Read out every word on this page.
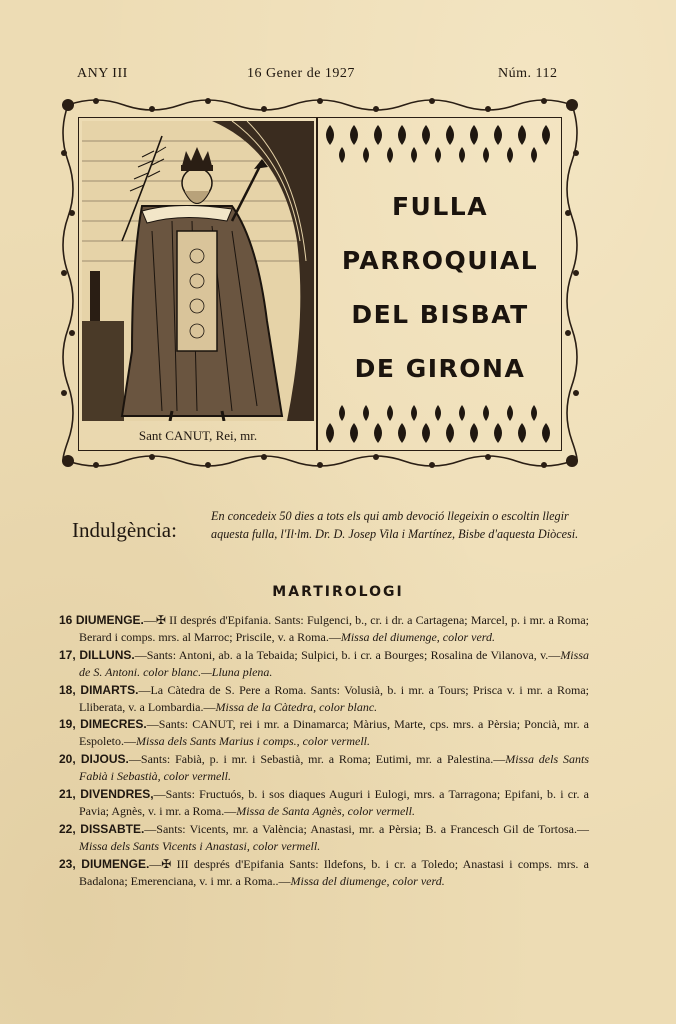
ANY III	16 Gener de 1927	Núm. 112
Sant CANUT, Rei, mr.
FULLA
PARROQUIAL
DEL BISBAT
DE GIRONA
Indulgència:
En concedeix 50 dies a tots els qui amb devoció llegeixin o escoltin llegir aquesta fulla, l'Il·lm. Dr. D. Josep Vila i Martínez, Bisbe d'aquesta Diòcesi.
MARTIROLOGI
16 DIUMENGE.—✠ II després d'Epifania. Sants: Fulgenci, b., cr. i dr. a Cartagena; Marcel, p. i mr. a Roma; Berard i comps. mrs. al Marroc; Priscile, v. a Roma.—Missa del diumenge, color verd.
17, DILLUNS.—Sants: Antoni, ab. a la Tebaida; Sulpici, b. i cr. a Bourges; Rosalina de Vilanova, v.—Missa de S. Antoni. color blanc.—Lluna plena.
18, DIMARTS.—La Càtedra de S. Pere a Roma. Sants: Volusià, b. i mr. a Tours; Prisca v. i mr. a Roma; Lliberata, v. a Lombardia.—Missa de la Càtedra, color blanc.
19, DIMECRES.—Sants: CANUT, rei i mr. a Dinamarca; Màrius, Marte, cps. mrs. a Pèrsia; Poncià, mr. a Espoleto.—Missa dels Sants Marius i comps., color vermell.
20, DIJOUS.—Sants: Fabià, p. i mr. i Sebastià, mr. a Roma; Eutimi, mr. a Palestina.—Missa dels Sants Fabià i Sebastià, color vermell.
21, DIVENDRES,—Sants: Fructuós, b. i sos diaques Auguri i Eulogi, mrs. a Tarragona; Epifani, b. i cr. a Pavia; Agnès, v. i mr. a Roma.—Missa de Santa Agnès, color vermell.
22, DISSABTE.—Sants: Vicents, mr. a València; Anastasi, mr. a Pèrsia; B. a Francesch Gil de Tortosa.—Missa dels Sants Vicents i Anastasi, color vermell.
23, DIUMENGE.—✠ III després d'Epifania Sants: Ildefons, b. i cr. a Toledo; Anastasi i comps. mrs. a Badalona; Emerenciana, v. i mr. a Roma..—Missa del diumenge, color verd.
